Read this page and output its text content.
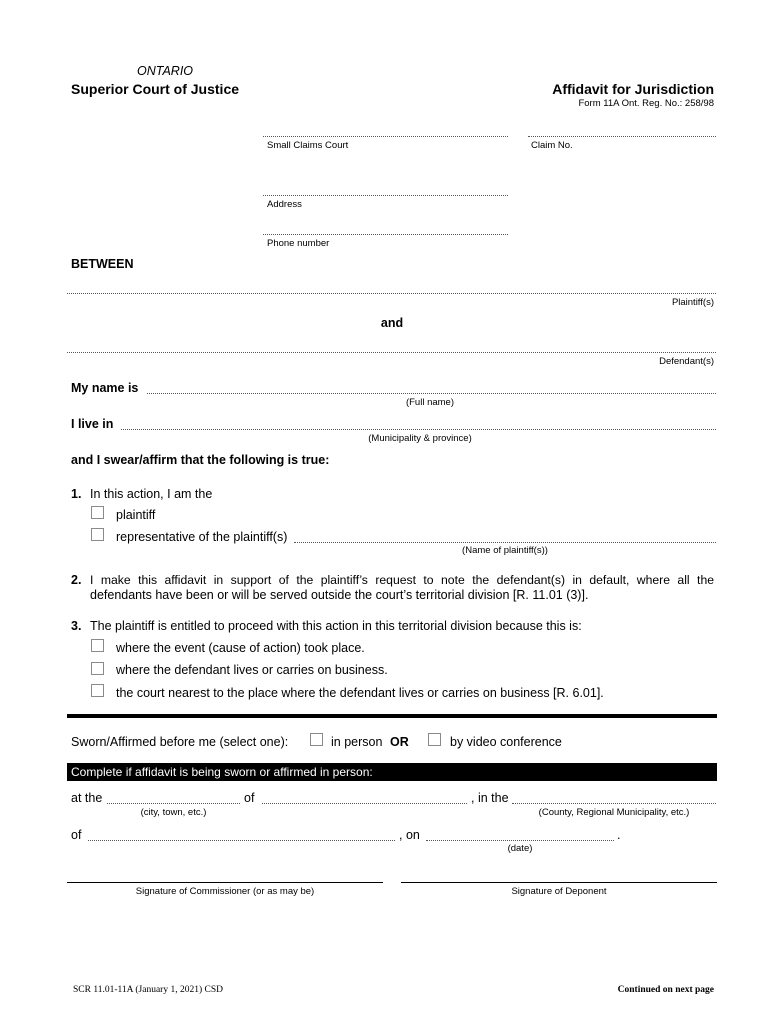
ONTARIO
Superior Court of Justice	Affidavit for Jurisdiction
Form 11A Ont. Reg. No.: 258/98
Small Claims Court	Claim No.
Address
Phone number
BETWEEN
Plaintiff(s)
and
Defendant(s)
My name is
(Full name)
I live in
(Municipality & province)
and I swear/affirm that the following is true:
1. In this action, I am the
plaintiff
representative of the plaintiff(s)
(Name of plaintiff(s))
2. I make this affidavit in support of the plaintiff’s request to note the defendant(s) in default, where all the
defendants have been or will be served outside the court’s territorial division [R. 11.01 (3)].
3. The plaintiff is entitled to proceed with this action in this territorial division because this is:
where the event (cause of action) took place.
where the defendant lives or carries on business.
the court nearest to the place where the defendant lives or carries on business [R. 6.01].
Sworn/Affirmed before me (select one):	in person OR	by video conference
Complete if affidavit is being sworn or affirmed in person:
at the	of	, in the
(city, town, etc.)	(County, Regional Municipality, etc.)
of	, on	.
(date)
Signature of Commissioner (or as may be)	Signature of Deponent
SCR 11.01-11A (January 1, 2021) CSD	Continued on next page
